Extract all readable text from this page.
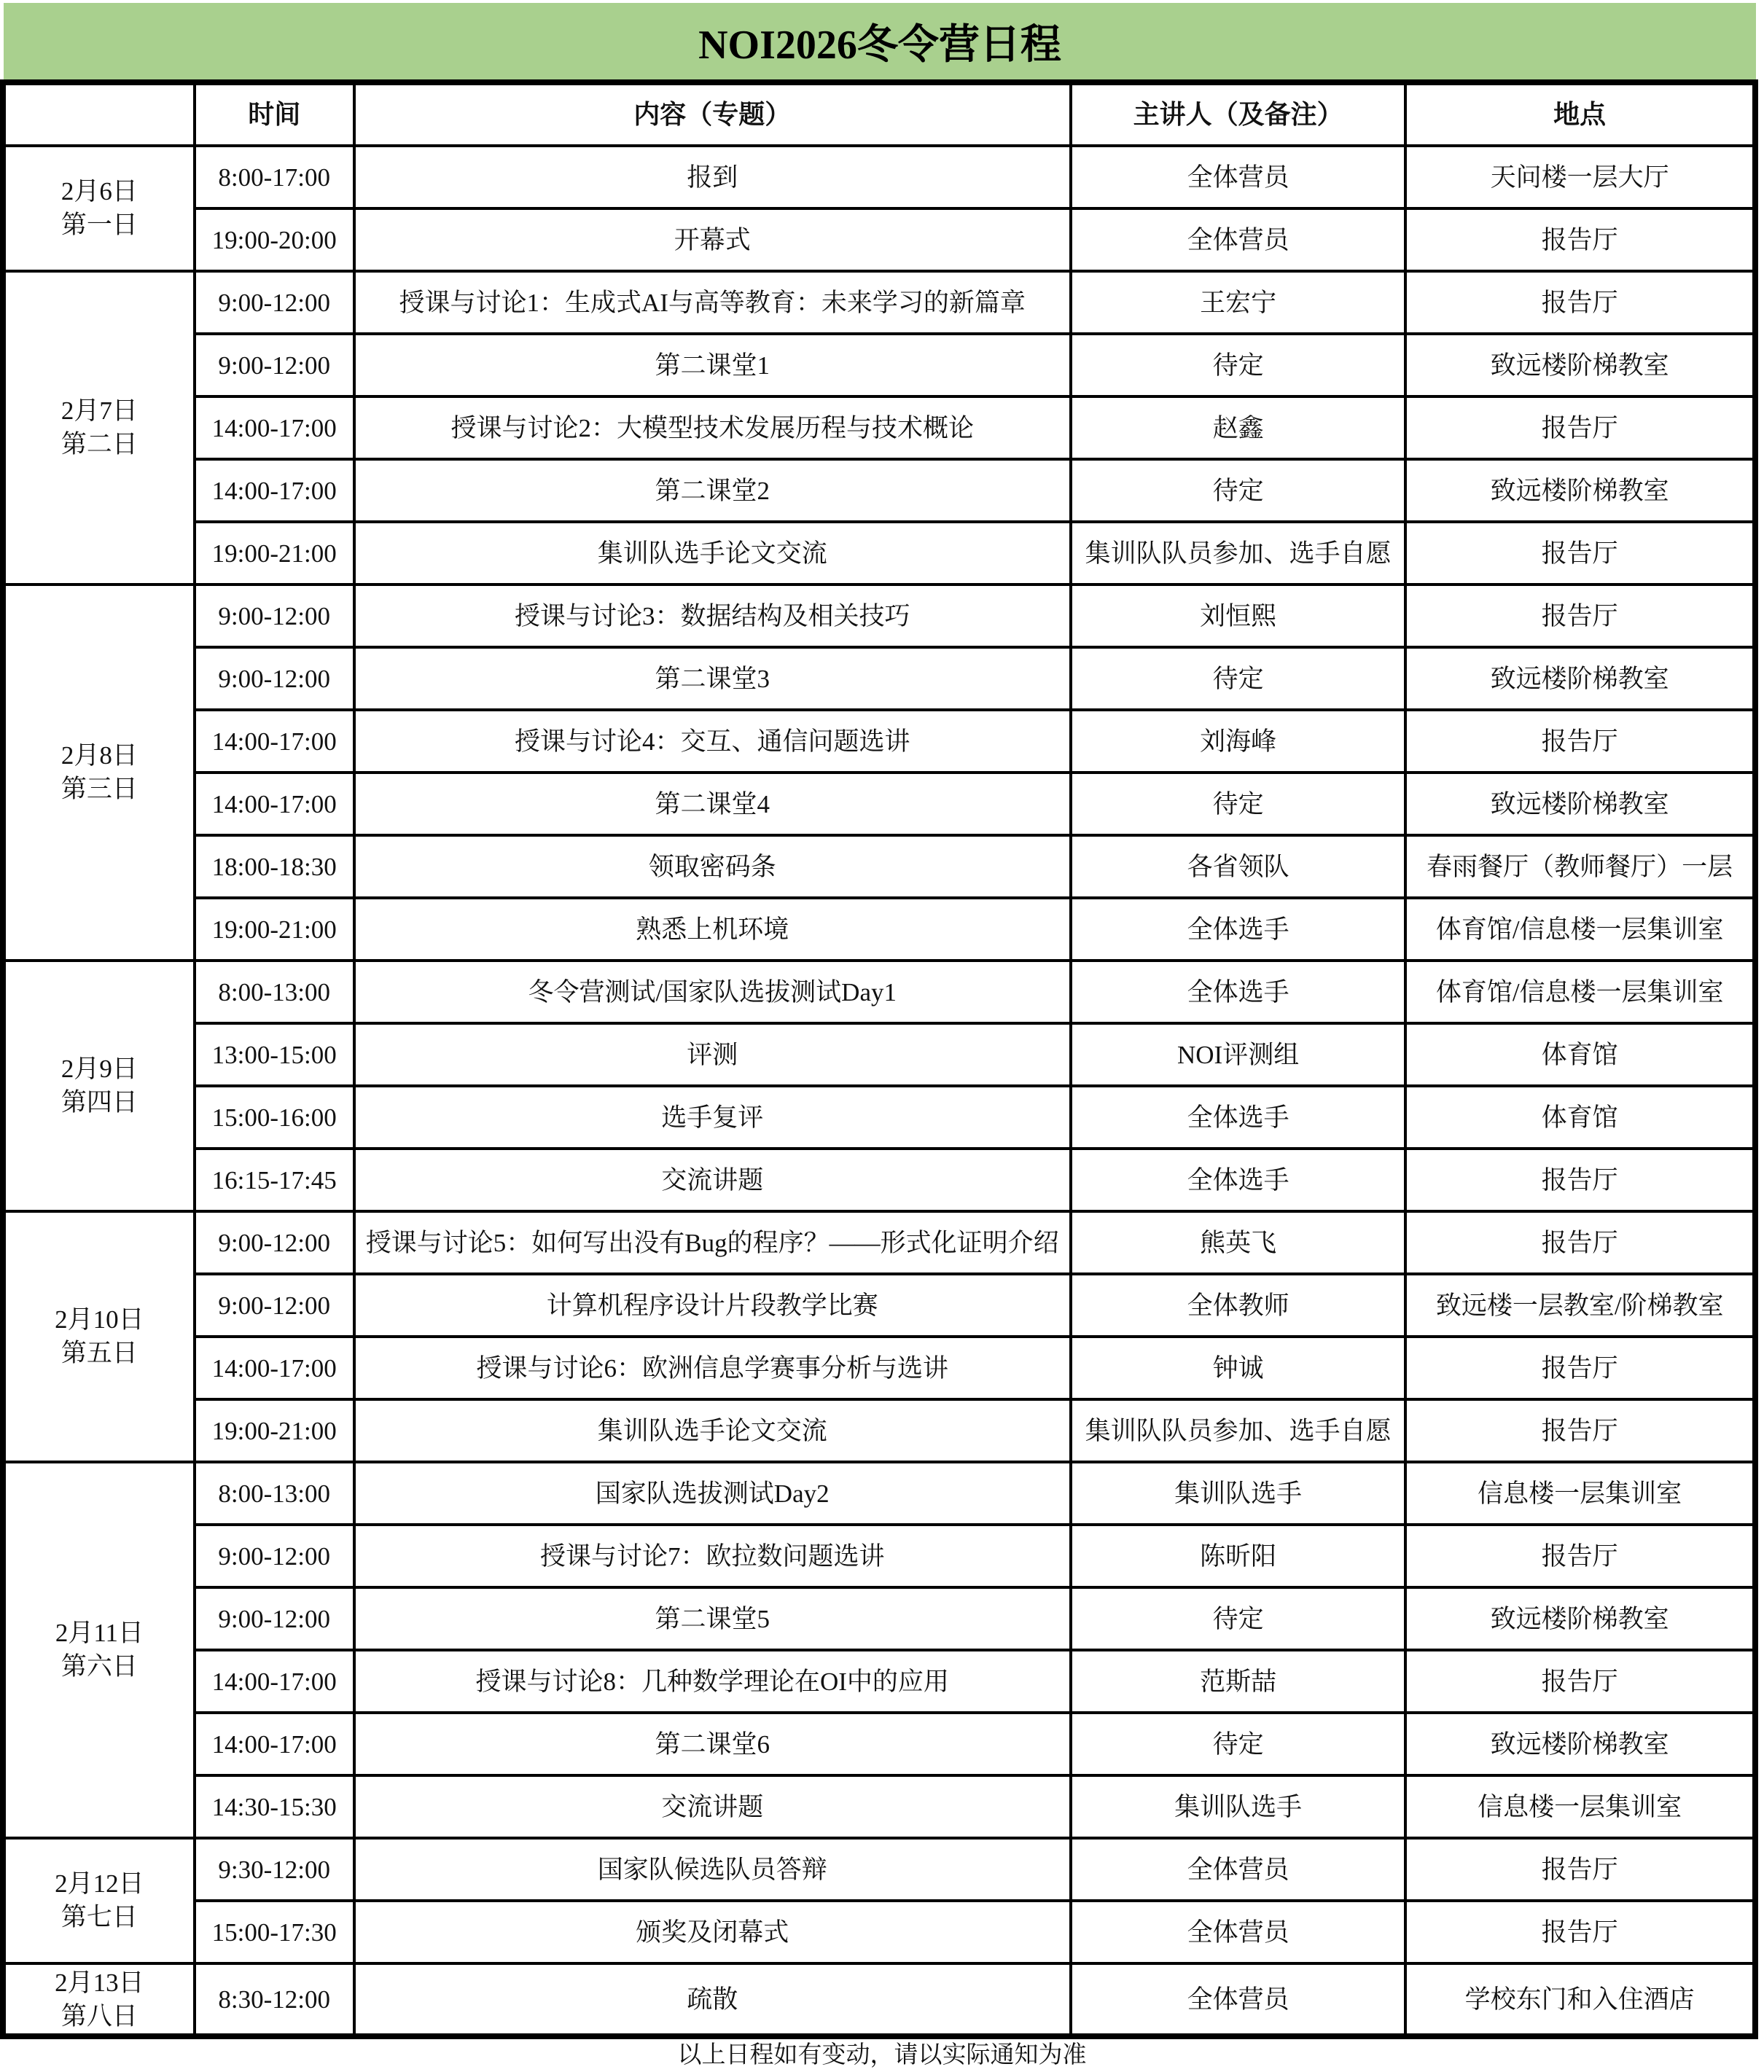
NOI2026冬令营日程
	时间	内容（专题）	主讲人（及备注）	地点

2月6日
第一日	8:00-17:00	报到	全体营员	天问楼一层大厅
	19:00-20:00	开幕式	全体营员	报告厅

2月7日
第二日	9:00-12:00	授课与讨论1：生成式AI与高等教育：未来学习的新篇章	王宏宁	报告厅
	9:00-12:00	第二课堂1	待定	致远楼阶梯教室
	14:00-17:00	授课与讨论2：大模型技术发展历程与技术概论	赵鑫	报告厅
	14:00-17:00	第二课堂2	待定	致远楼阶梯教室
	19:00-21:00	集训队选手论文交流	集训队队员参加、选手自愿	报告厅

2月8日
第三日	9:00-12:00	授课与讨论3：数据结构及相关技巧	刘恒熙	报告厅
	9:00-12:00	第二课堂3	待定	致远楼阶梯教室
	14:00-17:00	授课与讨论4：交互、通信问题选讲	刘海峰	报告厅
	14:00-17:00	第二课堂4	待定	致远楼阶梯教室
	18:00-18:30	领取密码条	各省领队	春雨餐厅（教师餐厅）一层
	19:00-21:00	熟悉上机环境	全体选手	体育馆/信息楼一层集训室

2月9日
第四日	8:00-13:00	冬令营测试/国家队选拔测试Day1	全体选手	体育馆/信息楼一层集训室
	13:00-15:00	评测	NOI评测组	体育馆
	15:00-16:00	选手复评	全体选手	体育馆
	16:15-17:45	交流讲题	全体选手	报告厅

2月10日
第五日	9:00-12:00	授课与讨论5：如何写出没有Bug的程序？——形式化证明介绍	熊英飞	报告厅
	9:00-12:00	计算机程序设计片段教学比赛	全体教师	致远楼一层教室/阶梯教室
	14:00-17:00	授课与讨论6：欧洲信息学赛事分析与选讲	钟诚	报告厅
	19:00-21:00	集训队选手论文交流	集训队队员参加、选手自愿	报告厅

2月11日
第六日	8:00-13:00	国家队选拔测试Day2	集训队选手	信息楼一层集训室
	9:00-12:00	授课与讨论7：欧拉数问题选讲	陈昕阳	报告厅
	9:00-12:00	第二课堂5	待定	致远楼阶梯教室
	14:00-17:00	授课与讨论8：几种数学理论在OI中的应用	范斯喆	报告厅
	14:00-17:00	第二课堂6	待定	致远楼阶梯教室
	14:30-15:30	交流讲题	集训队选手	信息楼一层集训室

2月12日
第七日	9:30-12:00	国家队候选队员答辩	全体营员	报告厅
	15:00-17:30	颁奖及闭幕式	全体营员	报告厅

2月13日
第八日	8:30-12:00	疏散	全体营员	学校东门和入住酒店
以上日程如有变动，请以实际通知为准
